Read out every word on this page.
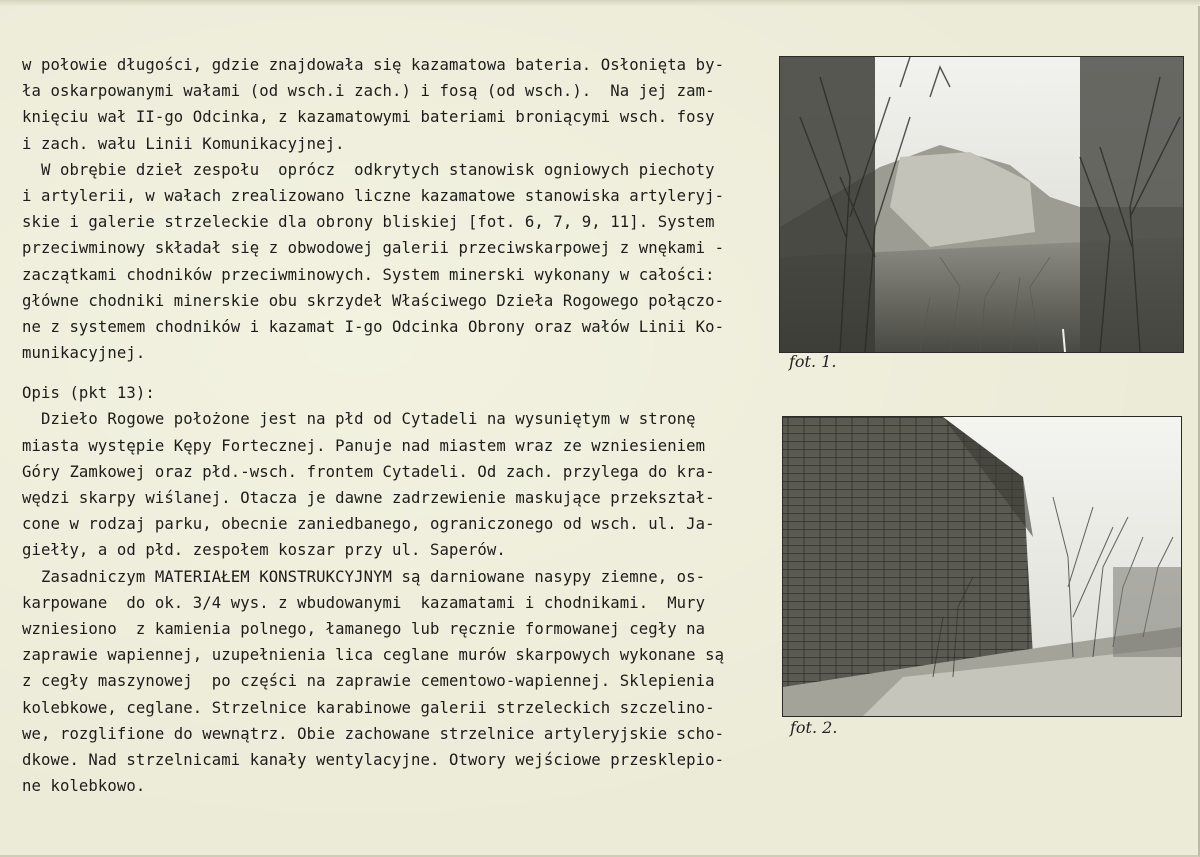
w połowie długości, gdzie znajdowała się kazamatowa bateria. Osłonięta by-
ła oskarpowanymi wałami (od wsch.i zach.) i fosą (od wsch.).  Na jej zam-
knięciu wał II-go Odcinka, z kazamatowymi bateriami broniącymi wsch. fosy
i zach. wału Linii Komunikacyjnej.
W obrębie dzieł zespołu  oprócz  odkrytych stanowisk ogniowych piechoty
i artylerii, w wałach zrealizowano liczne kazamatowe stanowiska artyleryj-
skie i galerie strzeleckie dla obrony bliskiej [fot. 6, 7, 9, 11]. System
przeciwminowy składał się z obwodowej galerii przeciwskarpowej z wnękami -
zaczątkami chodników przeciwminowych. System minerski wykonany w całości:
główne chodniki minerskie obu skrzydeł Właściwego Dzieła Rogowego połączo-
ne z systemem chodników i kazamat I-go Odcinka Obrony oraz wałów Linii Ko-
munikacyjnej.
Opis (pkt 13):
Dzieło Rogowe położone jest na płd od Cytadeli na wysuniętym w stronę
miasta występie Kępy Fortecznej. Panuje nad miastem wraz ze wzniesieniem
Góry Zamkowej oraz płd.-wsch. frontem Cytadeli. Od zach. przylega do kra-
wędzi skarpy wiślanej. Otacza je dawne zadrzewienie maskujące przekształ-
cone w rodzaj parku, obecnie zaniedbanego, ograniczonego od wsch. ul. Ja-
giełły, a od płd. zespołem koszar przy ul. Saperów.
Zasadniczym MATERIAŁEM KONSTRUKCYJNYM są darniowane nasypy ziemne, os-
karpowane  do ok. 3/4 wys. z wbudowanymi  kazamatami i chodnikami.  Mury
wzniesiono  z kamienia polnego, łamanego lub ręcznie formowanej cegły na
zaprawie wapiennej, uzupełnienia lica ceglane murów skarpowych wykonane są
z cegły maszynowej  po części na zaprawie cementowo-wapiennej. Sklepienia
kolebkowe, ceglane. Strzelnice karabinowe galerii strzeleckich szczelino-
we, rozglifione do wewnątrz. Obie zachowane strzelnice artyleryjskie scho-
dkowe. Nad strzelnicami kanały wentylacyjne. Otwory wejściowe przesklepio-
ne kolebkowo.
fot. 1.
fot. 2.
